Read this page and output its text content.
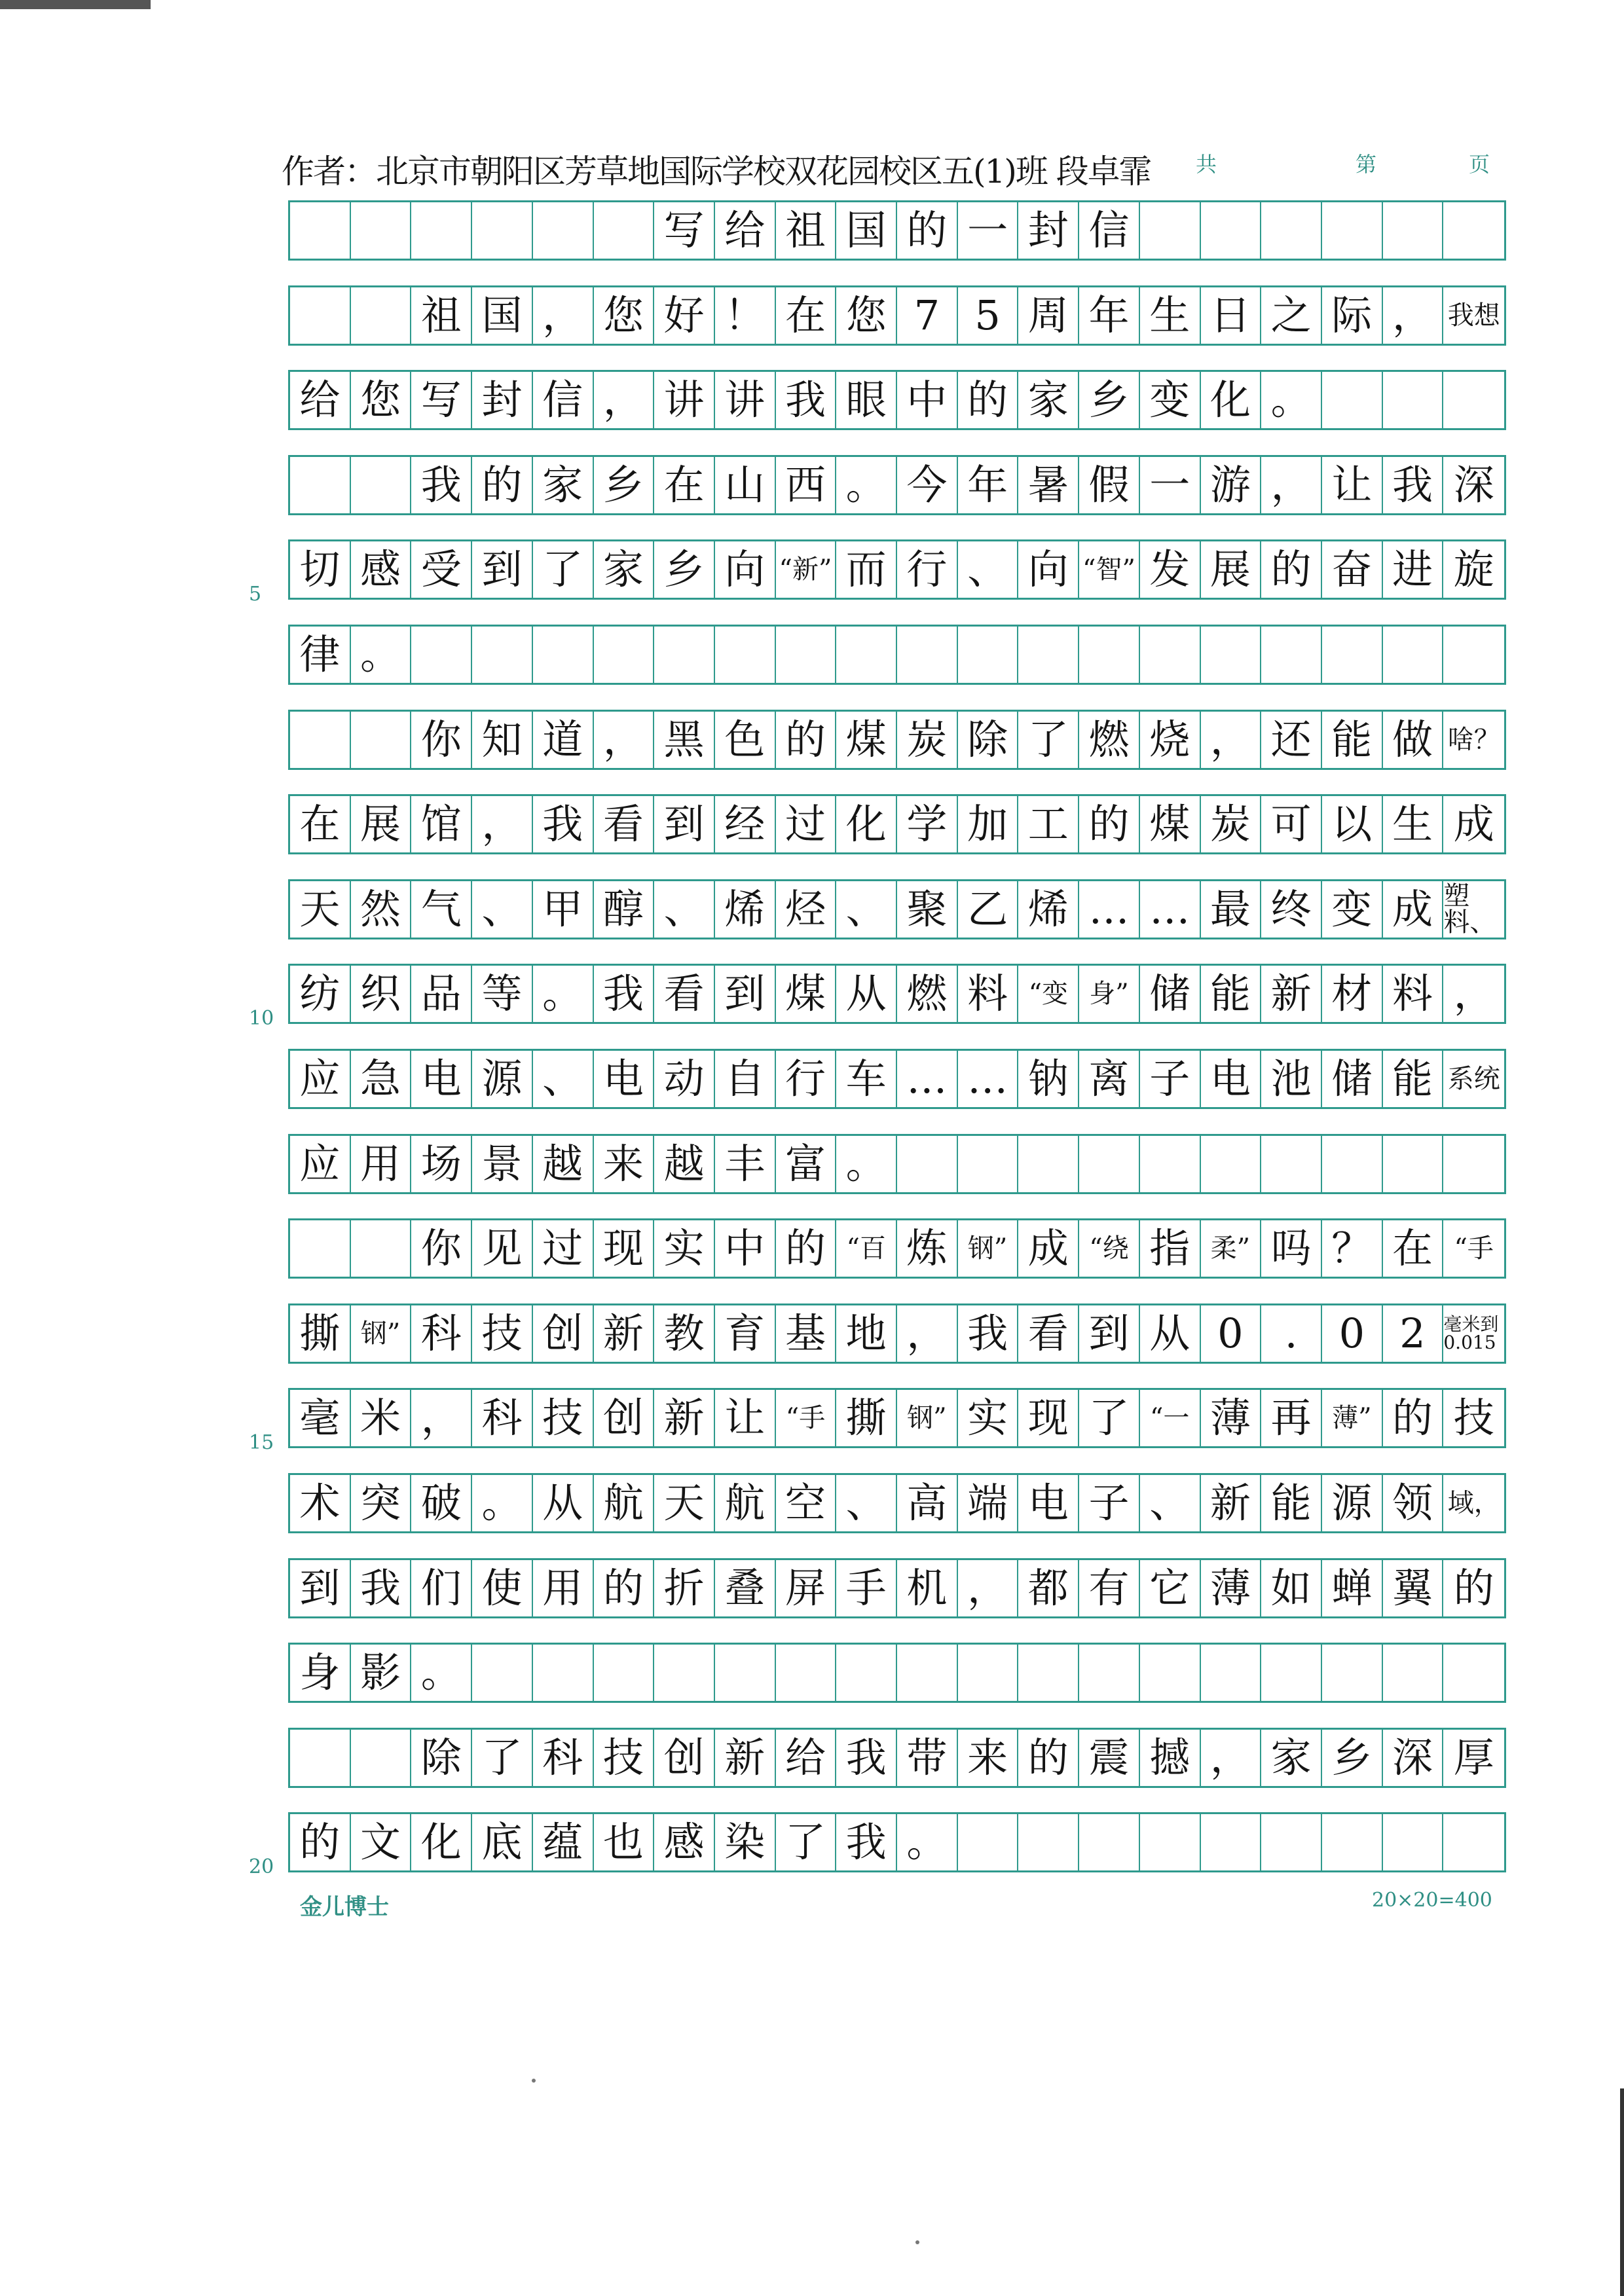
作者：北京市朝阳区芳草地国际学校双花园校区五(1)班 段卓霏 共	第	页
写 给 祖 国 的 一 封 信
祖 国 ， 您 好 ！ 在 您 7 5 周 年 生 日 之 际 ， 我想
给 您 写 封 信 ， 讲 讲 我 眼 中 的 家 乡 变 化 。
我 的 家 乡 在 山 西 。 今 年 暑 假 一 游 ， 让 我 深
切 感 受 到 了 家 乡 向 “新” 而 行 、 向 “智” 发 展 的 奋 进 旋
律 。
你 知 道 ， 黑 色 的 煤 炭 除 了 燃 烧 ， 还 能 做 啥？
在 展 馆 ， 我 看 到 经 过 化 学 加 工 的 煤 炭 可 以 生 成
天 然 气 、 甲 醇 、 烯 烃 、 聚 乙 烯 … … 最 终 变 成 塑料、
纺 织 品 等 。 我 看 到 煤 从 燃 料 “变 身” 储 能 新 材 料 ，
应 急 电 源 、 电 动 自 行 车 … … 钠 离 子 电 池 储 能 系统
应 用 场 景 越 来 越 丰 富 。
你 见 过 现 实 中 的 “百 炼 钢” 成 “绕 指 柔” 吗 ？ 在 “手
撕 钢” 科 技 创 新 教 育 基 地 ， 我 看 到 从 0	.	0 2 毫米到0.015
毫 米 ， 科 技 创 新 让 “手 撕 钢” 实 现 了 “一 薄 再 薄” 的 技
术 突 破 。 从 航 天 航 空 、 高 端 电 子 、 新 能 源 领 域，
到 我 们 使 用 的 折 叠 屏 手 机 ， 都 有 它 薄 如 蝉 翼 的
身 影 。
除 了 科 技 创 新 给 我 带 来 的 震 撼 ， 家 乡 深 厚
的 文 化 底 蕴 也 感 染 了 我 。
5
10
15
20
金儿博士	20×20=400
